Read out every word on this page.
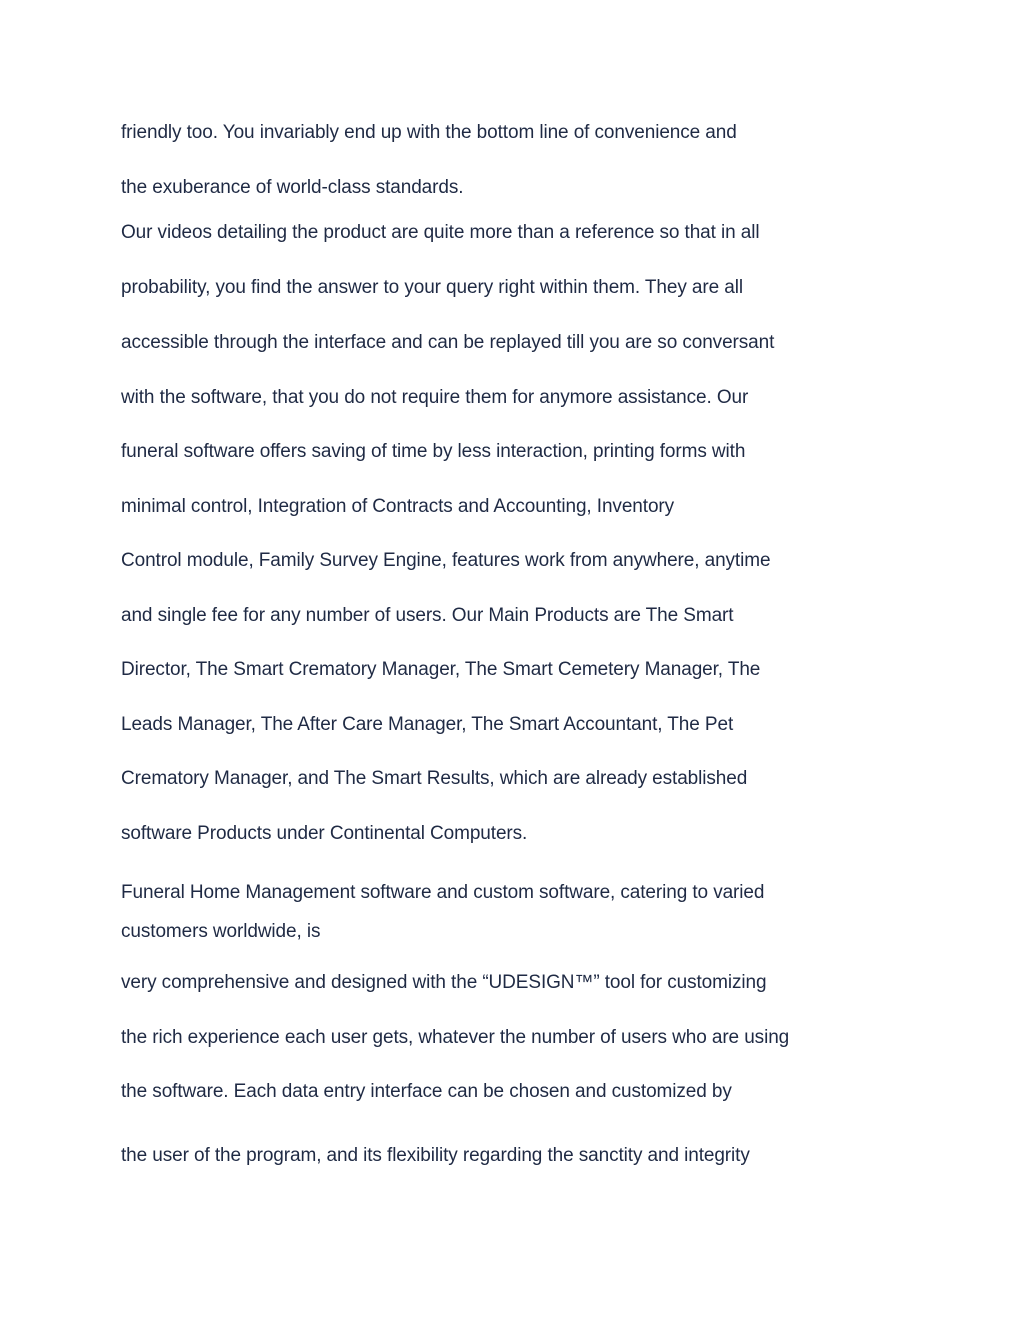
friendly too. You invariably end up with the bottom line of convenience and

the exuberance of world-class standards.

Our videos detailing the product are quite more than a reference so that in all

probability, you find the answer to your query right within them. They are all

accessible through the interface and can be replayed till you are so conversant

with the software, that you do not require them for anymore assistance. Our

funeral software offers saving of time by less interaction, printing forms with

minimal control, Integration of Contracts and Accounting, Inventory

Control module, Family Survey Engine, features work from anywhere, anytime

and single fee for any number of users. Our Main Products are The Smart

Director, The Smart Crematory Manager, The Smart Cemetery Manager, The

Leads Manager, The After Care Manager, The Smart Accountant, The Pet

Crematory Manager, and The Smart Results, which are already established

software Products under Continental Computers.

Funeral Home Management software and custom software, catering to varied

customers worldwide, is

very comprehensive and designed with the “UDESIGN™” tool for customizing

the rich experience each user gets, whatever the number of users who are using

the software. Each data entry interface can be chosen and customized by

the user of the program, and its flexibility regarding the sanctity and integrity
